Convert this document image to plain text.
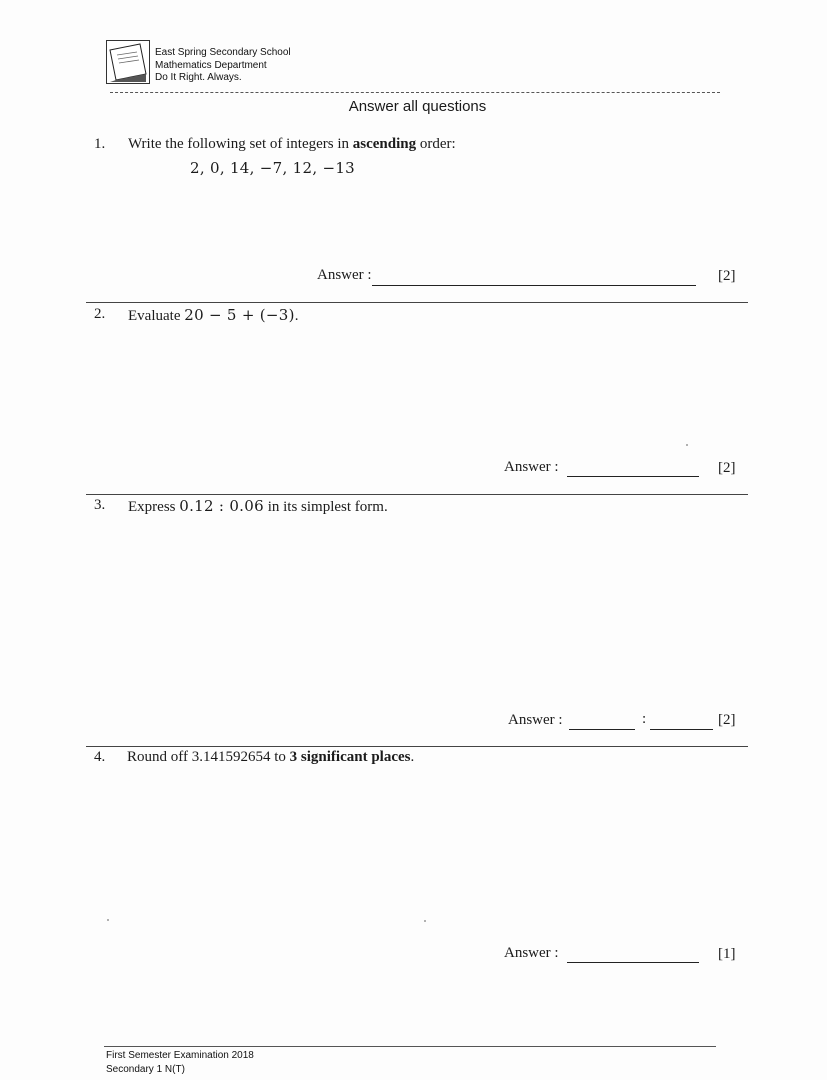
East Spring Secondary School
Mathematics Department
Do It Right. Always.
Answer all questions
1. Write the following set of integers in ascending order:
2, 0, 14, −7, 12, −13
Answer :	[2]
2. Evaluate 20 − 5 + (−3).
Answer :	[2]
3. Express 0.12 : 0.06 in its simplest form.
Answer :	:	[2]
4. Round off 3.141592654 to 3 significant places.
Answer :	[1]
First Semester Examination 2018
Secondary 1 N(T)
